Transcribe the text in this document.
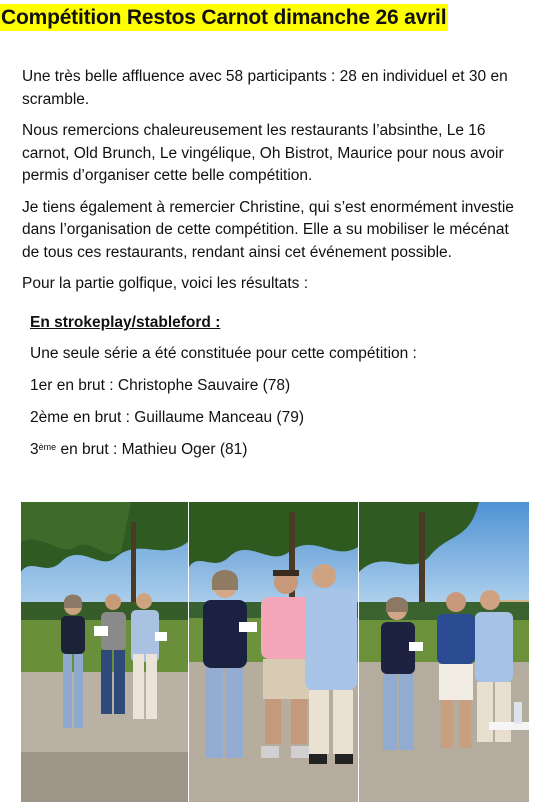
Compétition Restos Carnot dimanche 26 avril

Une très belle affluence avec 58 participants : 28 en individuel et 30 en
scramble.

Nous remercions chaleureusement les restaurants l’absinthe, Le 16
carnot, Old Brunch, Le vingélique, Oh Bistrot, Maurice pour nous avoir
permis d’organiser cette belle compétition.

Je tiens également à remercier Christine, qui s’est enormément investie
dans l’organisation de cette compétition. Elle a su mobiliser le mécénat
de tous ces restaurants, rendant ainsi cet événement possible.

Pour la partie golfique, voici les résultats :

En strokeplay/stableford :
Une seule série a été constituée pour cette compétition :
1er en brut : Christophe Sauvaire (78)
2ème en brut : Guillaume Manceau (79)
3ème en brut : Mathieu Oger (81)
